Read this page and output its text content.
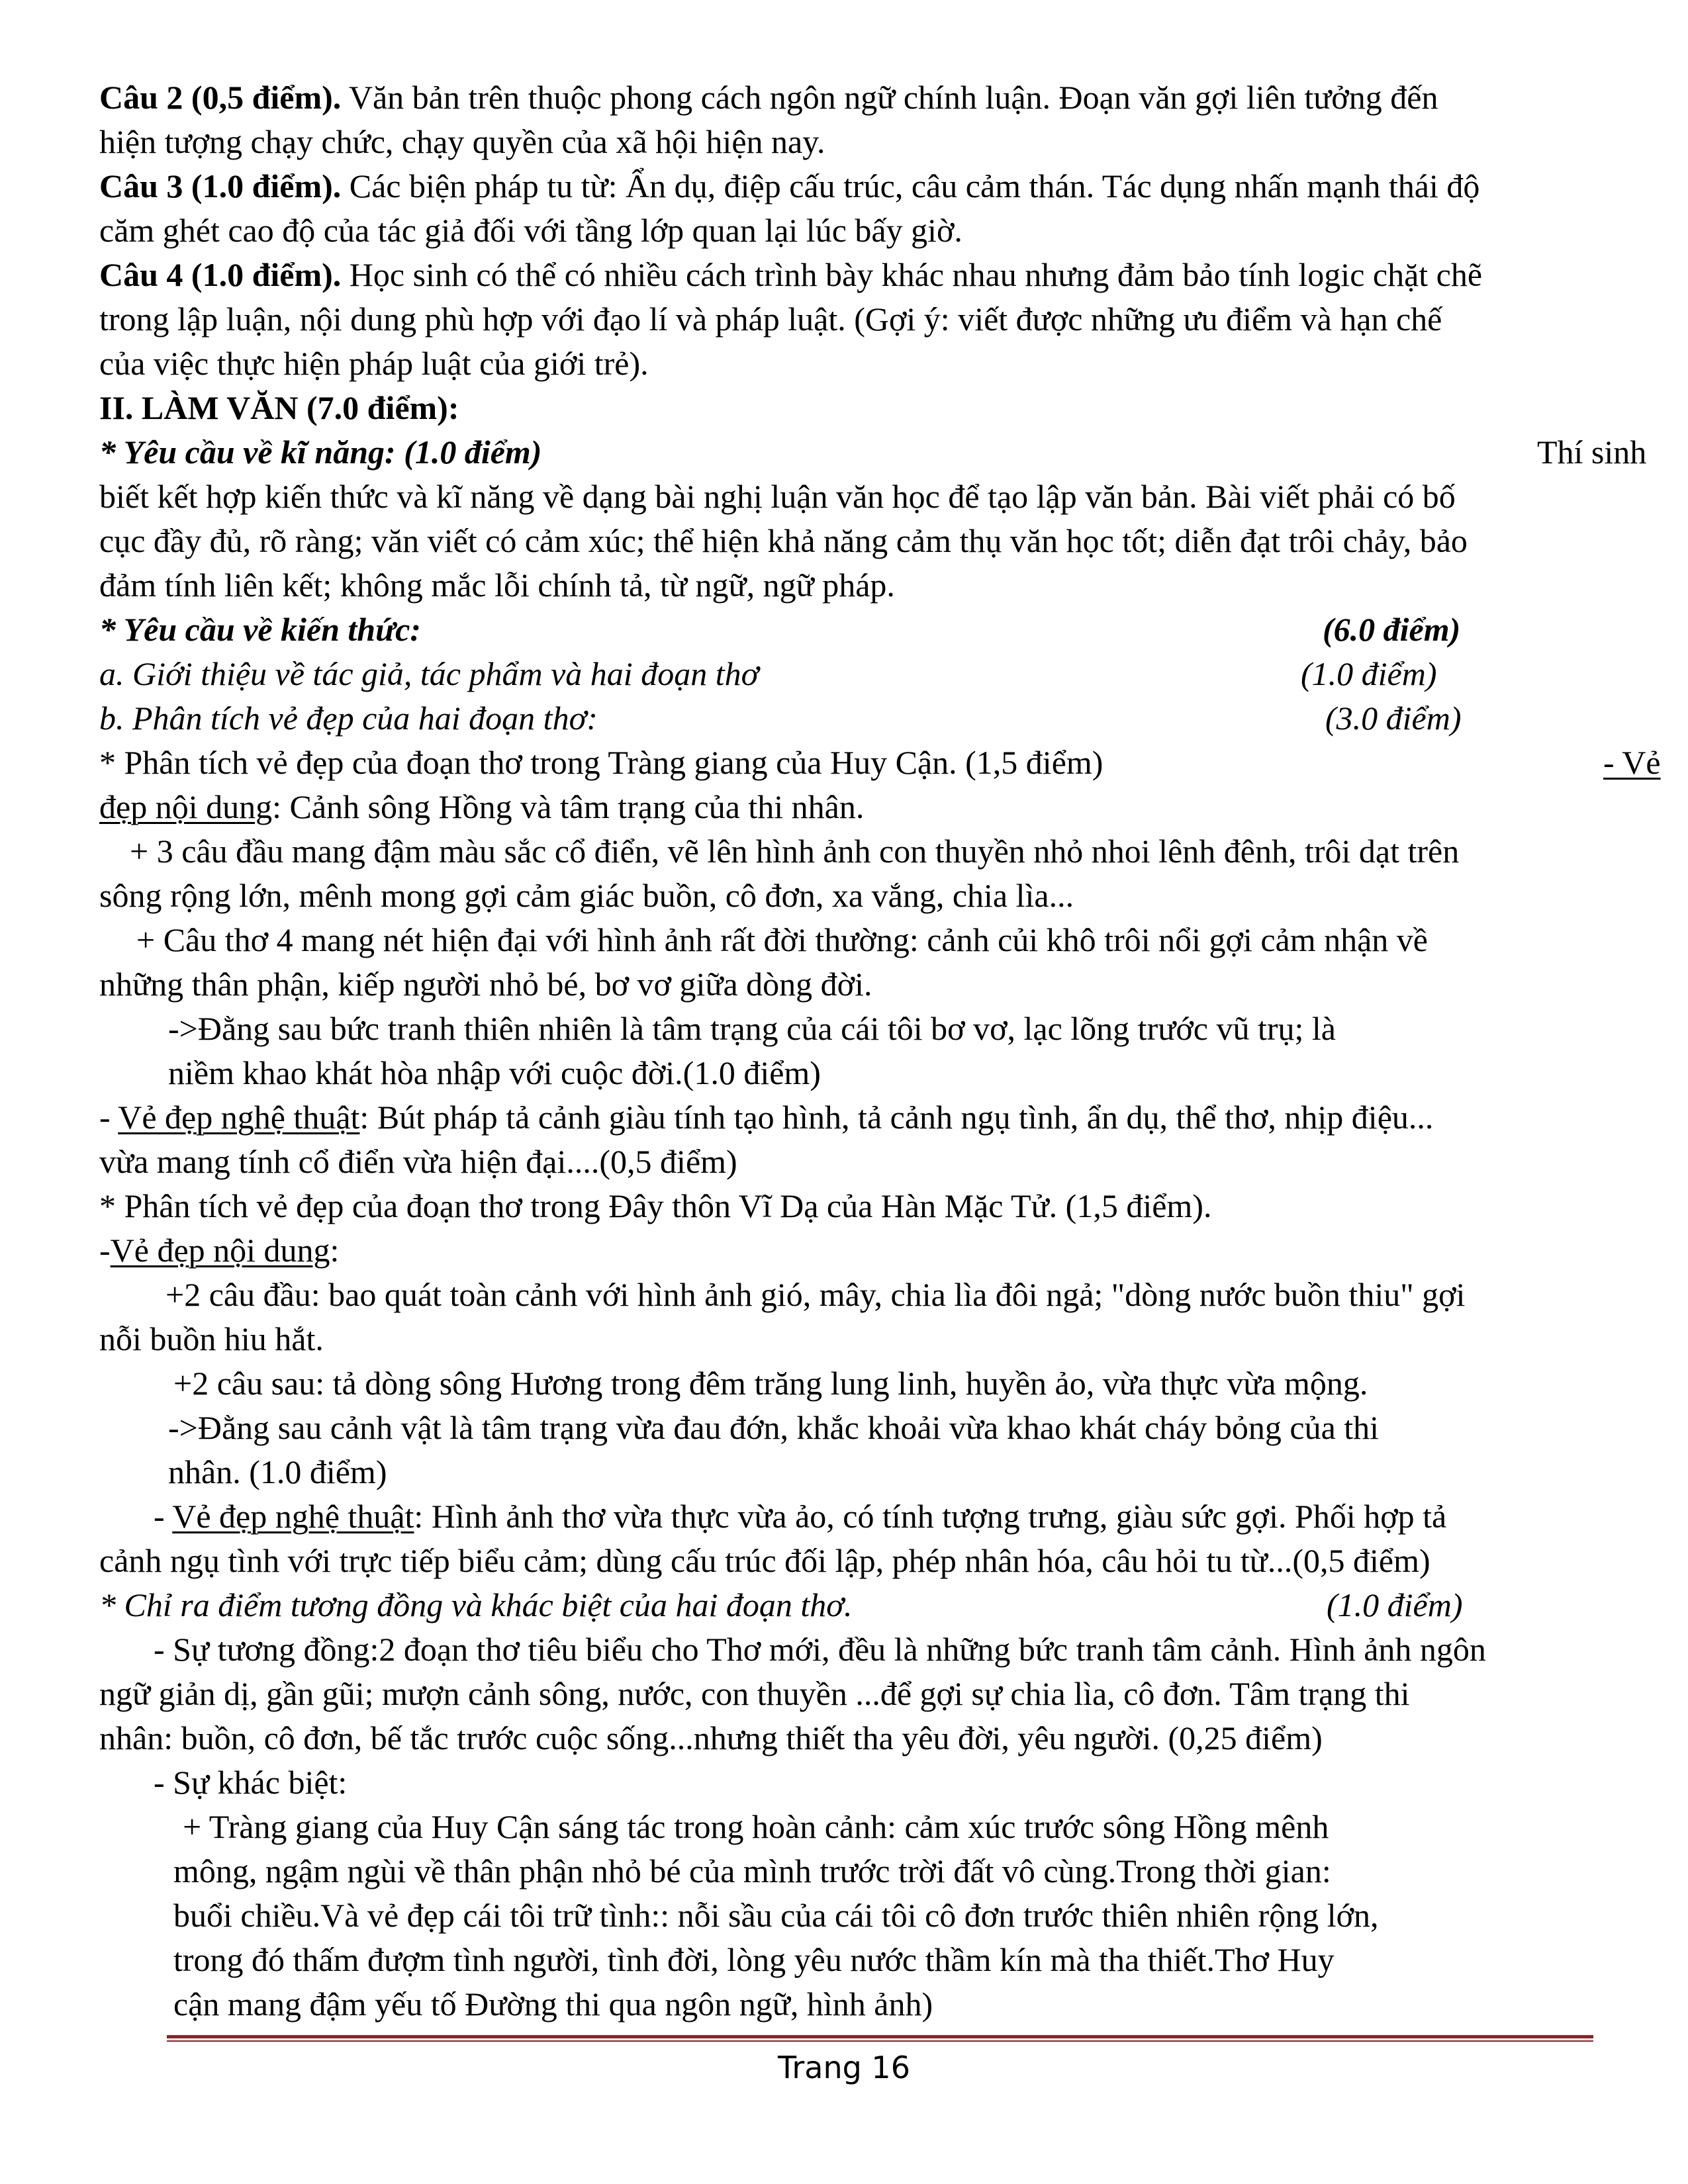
Câu 2 (0,5 điểm). Văn bản trên thuộc phong cách ngôn ngữ chính luận. Đoạn văn gợi liên tưởng đến
hiện tượng chạy chức, chạy quyền của xã hội hiện nay.
Câu 3 (1.0 điểm). Các biện pháp tu từ: Ẩn dụ, điệp cấu trúc, câu cảm thán. Tác dụng nhấn mạnh thái độ
căm ghét cao độ của tác giả đối với tầng lớp quan lại lúc bấy giờ.
Câu 4 (1.0 điểm). Học sinh có thể có nhiều cách trình bày khác nhau nhưng đảm bảo tính logic chặt chẽ
trong lập luận, nội dung phù hợp với đạo lí và pháp luật. (Gợi ý: viết được những ưu điểm và hạn chế
của việc thực hiện pháp luật của giới trẻ).
II. LÀM VĂN (7.0 điểm):
* Yêu cầu về kĩ năng: (1.0 điểm)	Thí sinh
biết kết hợp kiến thức và kĩ năng về dạng bài nghị luận văn học để tạo lập văn bản. Bài viết phải có bố
cục đầy đủ, rõ ràng; văn viết có cảm xúc; thể hiện khả năng cảm thụ văn học tốt; diễn đạt trôi chảy, bảo
đảm tính liên kết; không mắc lỗi chính tả, từ ngữ, ngữ pháp.
* Yêu cầu về kiến thức:	(6.0 điểm)
a. Giới thiệu về tác giả, tác phẩm và hai đoạn thơ	(1.0 điểm)
b. Phân tích vẻ đẹp của hai đoạn thơ:	(3.0 điểm)
* Phân tích vẻ đẹp của đoạn thơ trong Tràng giang của Huy Cận. (1,5 điểm)	- Vẻ
đẹp nội dung: Cảnh sông Hồng và tâm trạng của thi nhân.
+ 3 câu đầu mang đậm màu sắc cổ điển, vẽ lên hình ảnh con thuyền nhỏ nhoi lênh đênh, trôi dạt trên
sông rộng lớn, mênh mong gợi cảm giác buồn, cô đơn, xa vắng, chia lìa...
+ Câu thơ 4 mang nét hiện đại với hình ảnh rất đời thường: cảnh củi khô trôi nổi gợi cảm nhận về
những thân phận, kiếp người nhỏ bé, bơ vơ giữa dòng đời.
->Đằng sau bức tranh thiên nhiên là tâm trạng của cái tôi bơ vơ, lạc lõng trước vũ trụ; là
niềm khao khát hòa nhập với cuộc đời.(1.0 điểm)
- Vẻ đẹp nghệ thuật: Bút pháp tả cảnh giàu tính tạo hình, tả cảnh ngụ tình, ẩn dụ, thể thơ, nhịp điệu...
vừa mang tính cổ điển vừa hiện đại....(0,5 điểm)
* Phân tích vẻ đẹp của đoạn thơ trong Đây thôn Vĩ Dạ của Hàn Mặc Tử. (1,5 điểm).
-Vẻ đẹp nội dung:
+2 câu đầu: bao quát toàn cảnh với hình ảnh gió, mây, chia lìa đôi ngả; "dòng nước buồn thiu" gợi
nỗi buồn hiu hắt.
+2 câu sau: tả dòng sông Hương trong đêm trăng lung linh, huyền ảo, vừa thực vừa mộng.
->Đằng sau cảnh vật là tâm trạng vừa đau đớn, khắc khoải vừa khao khát cháy bỏng của thi
nhân. (1.0 điểm)
- Vẻ đẹp nghệ thuật: Hình ảnh thơ vừa thực vừa ảo, có tính tượng trưng, giàu sức gợi. Phối hợp tả
cảnh ngụ tình với trực tiếp biểu cảm; dùng cấu trúc đối lập, phép nhân hóa, câu hỏi tu từ...(0,5 điểm)
* Chỉ ra điểm tương đồng và khác biệt của hai đoạn thơ.	(1.0 điểm)
- Sự tương đồng:2 đoạn thơ tiêu biểu cho Thơ mới, đều là những bức tranh tâm cảnh. Hình ảnh ngôn
ngữ giản dị, gần gũi; mượn cảnh sông, nước, con thuyền ...để gợi sự chia lìa, cô đơn. Tâm trạng thi
nhân: buồn, cô đơn, bế tắc trước cuộc sống...nhưng thiết tha yêu đời, yêu người. (0,25 điểm)
- Sự khác biệt:
+ Tràng giang của Huy Cận sáng tác trong hoàn cảnh: cảm xúc trước sông Hồng mênh
mông, ngậm ngùi về thân phận nhỏ bé của mình trước trời đất vô cùng.Trong thời gian:
buổi chiều.Và vẻ đẹp cái tôi trữ tình:: nỗi sầu của cái tôi cô đơn trước thiên nhiên rộng lớn,
trong đó thấm đượm tình người, tình đời, lòng yêu nước thầm kín mà tha thiết.Thơ Huy
cận mang đậm yếu tố Đường thi qua ngôn ngữ, hình ảnh)
Trang 16
